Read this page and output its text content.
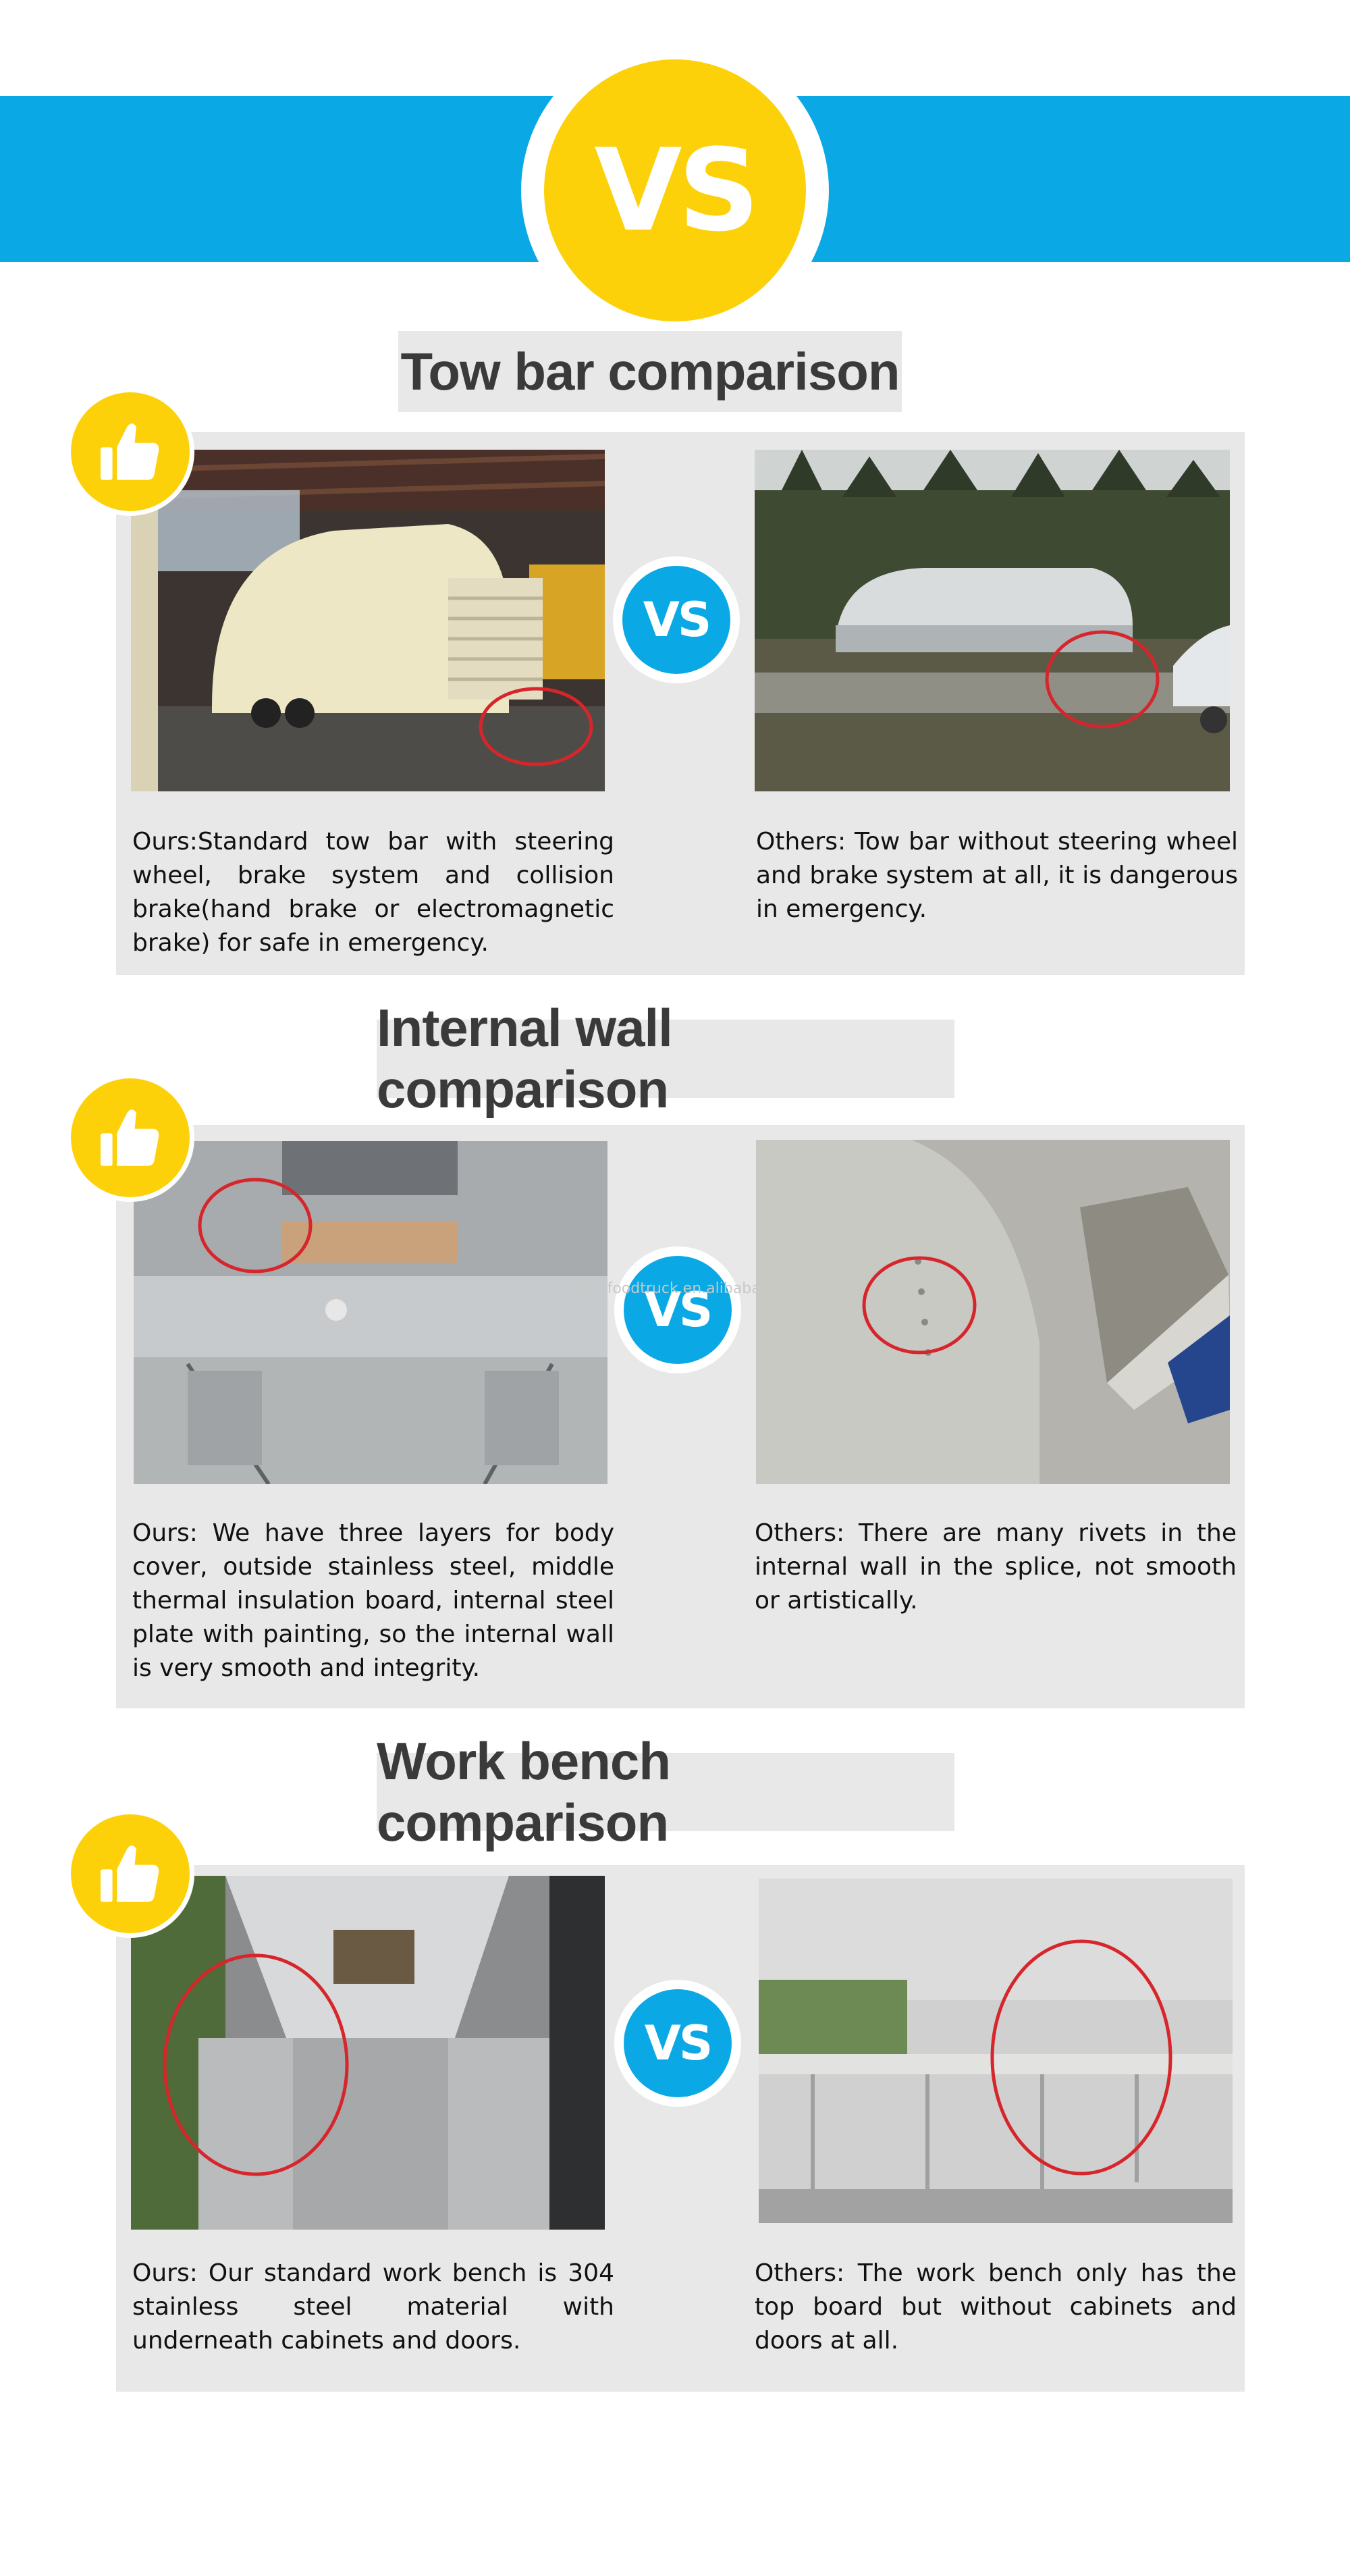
VS
Tow bar comparison
Ours:Standard tow bar with steering wheel, brake system and collision brake(hand brake or electromagnetic brake) for safe in emergency.
Others: Tow bar without steering wheel and brake system at all, it is dangerous in emergency.
VS
Internal wall comparison
Ours: We have three layers for body cover, outside stainless steel, middle thermal insulation board, internal steel plate with painting, so the internal wall is very smooth and integrity.
Others: There are many rivets in the internal wall in the splice, not smooth or artistically.
VS
runsterfoodtruck.en.alibaba.com
Work bench comparison
Ours: Our standard work bench is 304 stainless steel material with underneath cabinets and doors.
Others: The work bench only has the top board but without cabinets and doors at all.
VS
